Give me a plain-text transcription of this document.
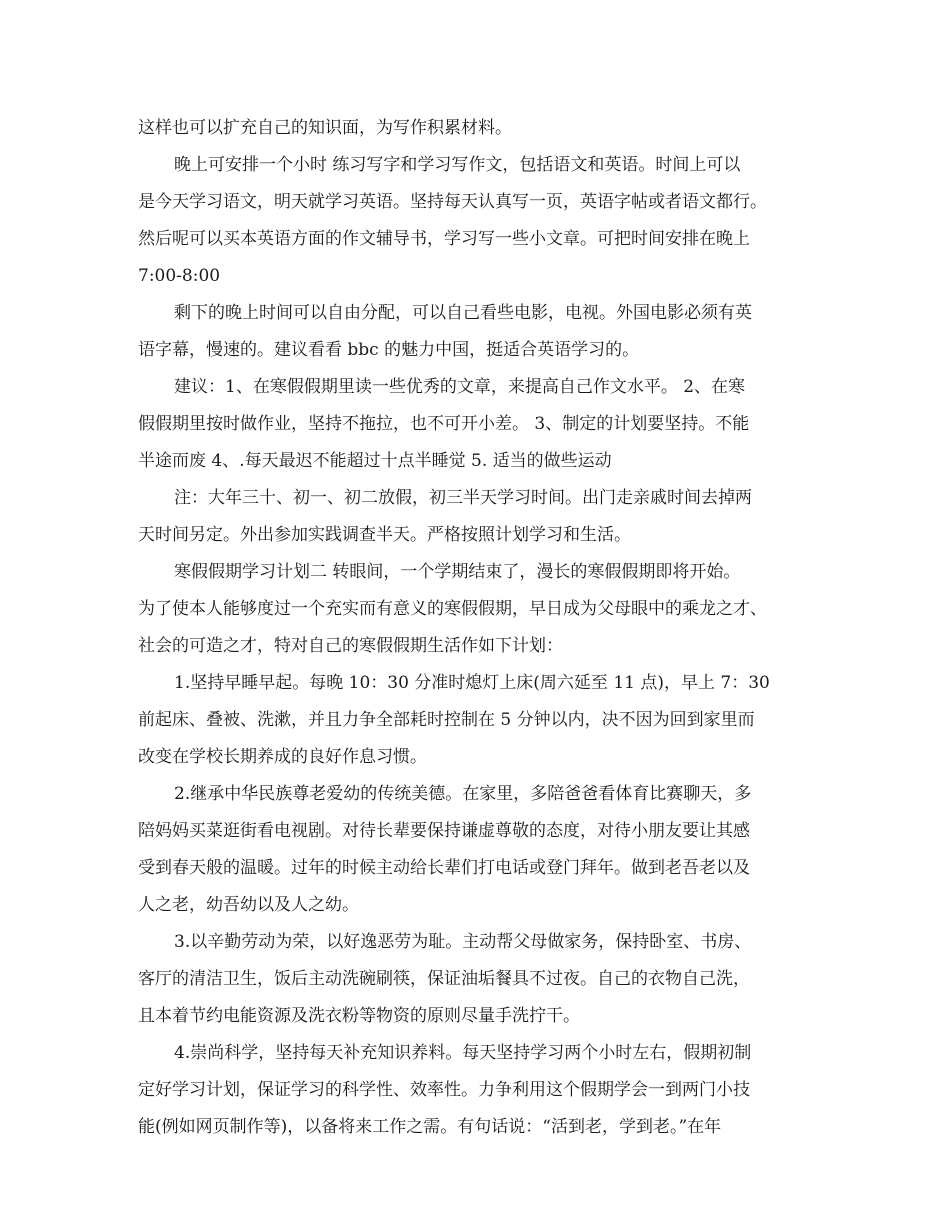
这样也可以扩充自己的知识面，为写作积累材料。
晚上可安排一个小时 练习写字和学习写作文，包括语文和英语。时间上可以
是今天学习语文，明天就学习英语。坚持每天认真写一页，英语字帖或者语文都行。
然后呢可以买本英语方面的作文辅导书，学习写一些小文章。可把时间安排在晚上
7:00-8:00
剩下的晚上时间可以自由分配，可以自己看些电影，电视。外国电影必须有英
语字幕，慢速的。建议看看 bbc 的魅力中国，挺适合英语学习的。
建议：1、在寒假假期里读一些优秀的文章，来提高自己作文水平。 2、在寒
假假期里按时做作业，坚持不拖拉，也不可开小差。 3、制定的计划要坚持。不能
半途而废 4、.每天最迟不能超过十点半睡觉 5. 适当的做些运动
注：大年三十、初一、初二放假，初三半天学习时间。出门走亲戚时间去掉两
天时间另定。外出参加实践调查半天。严格按照计划学习和生活。
寒假假期学习计划二 转眼间，一个学期结束了，漫长的寒假假期即将开始。
为了使本人能够度过一个充实而有意义的寒假假期，早日成为父母眼中的乘龙之才、
社会的可造之才，特对自己的寒假假期生活作如下计划：
1.坚持早睡早起。每晚 10：30 分准时熄灯上床(周六延至 11 点)，早上 7：30
前起床、叠被、洗漱，并且力争全部耗时控制在 5 分钟以内，决不因为回到家里而
改变在学校长期养成的良好作息习惯。
2.继承中华民族尊老爱幼的传统美德。在家里，多陪爸爸看体育比赛聊天，多
陪妈妈买菜逛街看电视剧。对待长辈要保持谦虚尊敬的态度，对待小朋友要让其感
受到春天般的温暖。过年的时候主动给长辈们打电话或登门拜年。做到老吾老以及
人之老，幼吾幼以及人之幼。
3.以辛勤劳动为荣，以好逸恶劳为耻。主动帮父母做家务，保持卧室、书房、
客厅的清洁卫生，饭后主动洗碗刷筷，保证油垢餐具不过夜。自己的衣物自己洗，
且本着节约电能资源及洗衣粉等物资的原则尽量手洗拧干。
4.崇尚科学，坚持每天补充知识养料。每天坚持学习两个小时左右，假期初制
定好学习计划，保证学习的科学性、效率性。力争利用这个假期学会一到两门小技
能(例如网页制作等)，以备将来工作之需。有句话说：“活到老，学到老。”在年
